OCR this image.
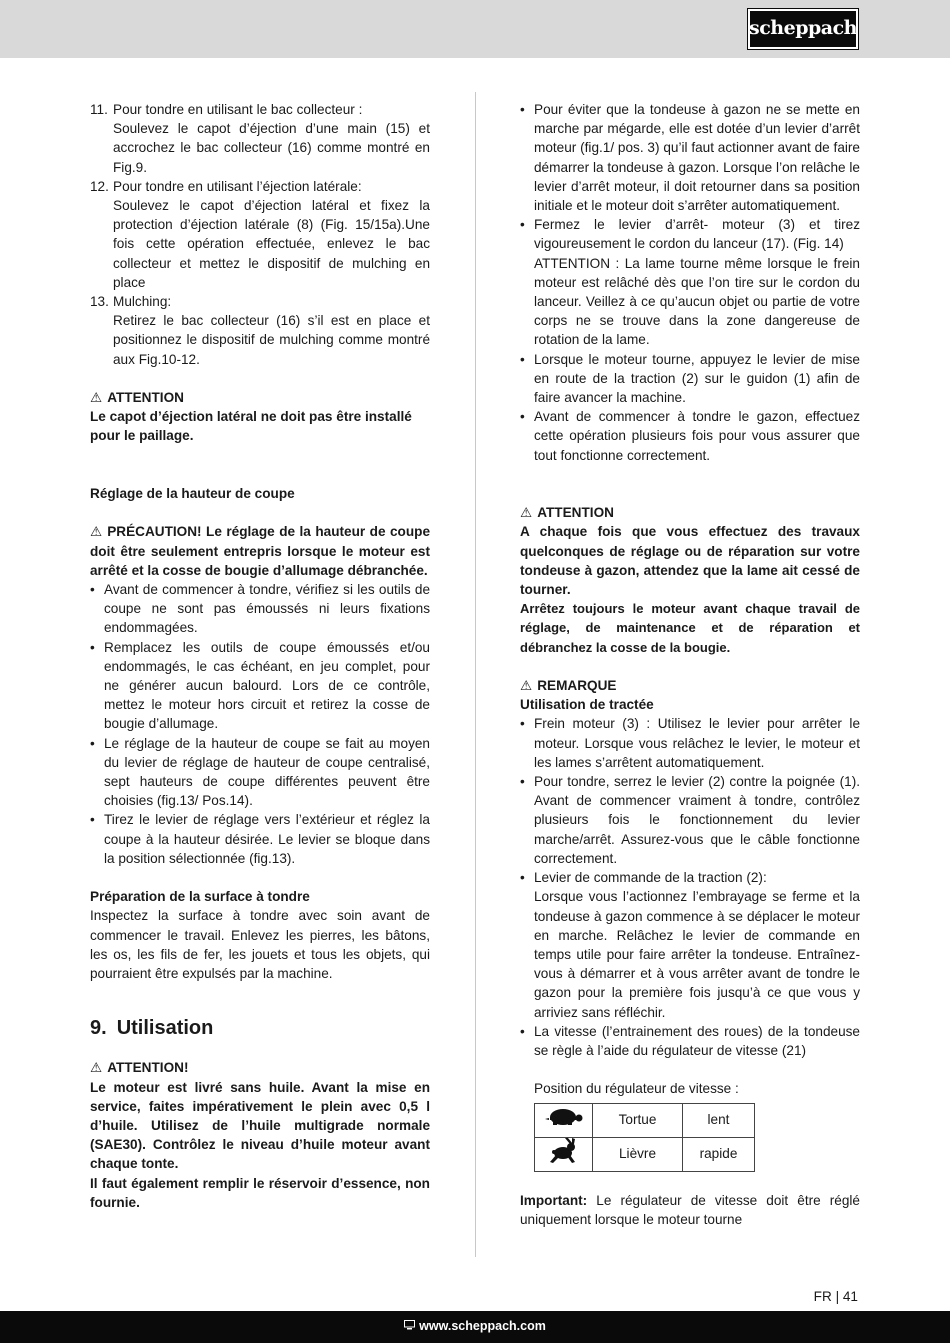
scheppach
11. Pour tondre en utilisant le bac collecteur :

Soulevez le capot d’éjection d’une main (15) et accrochez le bac collecteur (16) comme montré en Fig.9.

12. Pour tondre en utilisant l’éjection latérale:

Soulevez le capot d’éjection latéral et fixez la protection d’éjection latérale (8) (Fig. 15/15a).Une fois cette opération effectuée, enlevez le bac collecteur et mettez le dispositif de mulching en place

13. Mulching:

Retirez le bac collecteur (16) s’il est en place et positionnez le dispositif de mulching comme montré aux Fig.10-12.

⚠ ATTENTION

Le capot d’éjection latéral ne doit pas être installé

pour le paillage.

Réglage de la hauteur de coupe

⚠ PRÉCAUTION! Le réglage de la hauteur de coupe doit être seulement entrepris lorsque le moteur est arrêté et la cosse de bougie d’allumage débranchée.

• Avant de commencer à tondre, vérifiez si les outils de coupe ne sont pas émoussés ni leurs fixations endommagées.
• Remplacez les outils de coupe émoussés et/ou endommagés, le cas échéant, en jeu complet, pour ne générer aucun balourd. Lors de ce contrôle, mettez le moteur hors circuit et retirez la cosse de bougie d’allumage.
• Le réglage de la hauteur de coupe se fait au moyen du levier de réglage de hauteur de coupe centralisé, sept hauteurs de coupe différentes peuvent être choisies (fig.13/ Pos.14).
• Tirez le levier de réglage vers l’extérieur et réglez la coupe à la hauteur désirée. Le levier se bloque dans la position sélectionnée (fig.13).

Préparation de la surface à tondre

Inspectez la surface à tondre avec soin avant de commencer le travail. Enlevez les pierres, les bâtons, les os, les fils de fer, les jouets et tous les objets, qui pourraient être expulsés par la machine.

9. Utilisation

⚠ ATTENTION!

Le moteur est livré sans huile. Avant la mise en service, faites impérativement le plein avec 0,5 l d’huile. Utilisez de l’huile multigrade normale (SAE30). Contrôlez le niveau d’huile moteur avant chaque tonte.

Il faut également remplir le réservoir d’essence, non fournie.

• Pour éviter que la tondeuse à gazon ne se mette en marche par mégarde, elle est dotée d’un levier d’arrêt moteur (fig.1/ pos. 3) qu’il faut actionner avant de faire démarrer la tondeuse à gazon. Lorsque l’on relâche le levier d’arrêt moteur, il doit retourner dans sa position initiale et le moteur doit s’arrêter automatiquement.
• Fermez le levier d’arrêt- moteur (3) et tirez vigoureusement le cordon du lanceur (17). (Fig. 14)

ATTENTION : La lame tourne même lorsque le frein moteur est relâché dès que l’on tire sur le cordon du lanceur. Veillez à ce qu’aucun objet ou partie de votre corps ne se trouve dans la zone dangereuse de rotation de la lame.

• Lorsque le moteur tourne, appuyez le levier de mise en route de la traction (2) sur le guidon (1) afin de faire avancer la machine.
• Avant de commencer à tondre le gazon, effectuez cette opération plusieurs fois pour vous assurer que tout fonctionne correctement.

⚠ ATTENTION

A chaque fois que vous effectuez des travaux quelconques de réglage ou de réparation sur votre tondeuse à gazon, attendez que la lame ait cessé de tourner.

Arrêtez toujours le moteur avant chaque travail de réglage, de maintenance et de réparation et débranchez la cosse de la bougie.

⚠ REMARQUE

Utilisation de tractée

• Frein moteur (3) : Utilisez le levier pour arrêter le moteur. Lorsque vous relâchez le levier, le moteur et les lames s’arrêtent automatiquement.
• Pour tondre, serrez le levier (2) contre la poignée (1). Avant de commencer vraiment à tondre, contrôlez plusieurs fois le fonctionnement du levier marche/arrêt. Assurez-vous que le câble fonctionne correctement.
• Levier de commande de la traction (2):

Lorsque vous l’actionnez l’embrayage se ferme et la tondeuse à gazon commence à se déplacer le moteur en marche. Relâchez le levier de commande en temps utile pour faire arrêter la tondeuse. Entraînez-vous à démarrer et à vous arrêter avant de tondre le gazon pour la première fois jusqu’à ce que vous y arriviez sans réfléchir.

• La vitesse (l’entrainement des roues) de la tondeuse se règle à l’aide du régulateur de vitesse (21)

Position du régulateur de vitesse :

	Tortue	lent
	Lièvre	rapide

Important: Le régulateur de vitesse doit être réglé uniquement lorsque le moteur tourne

FR | 41
www.scheppach.com
